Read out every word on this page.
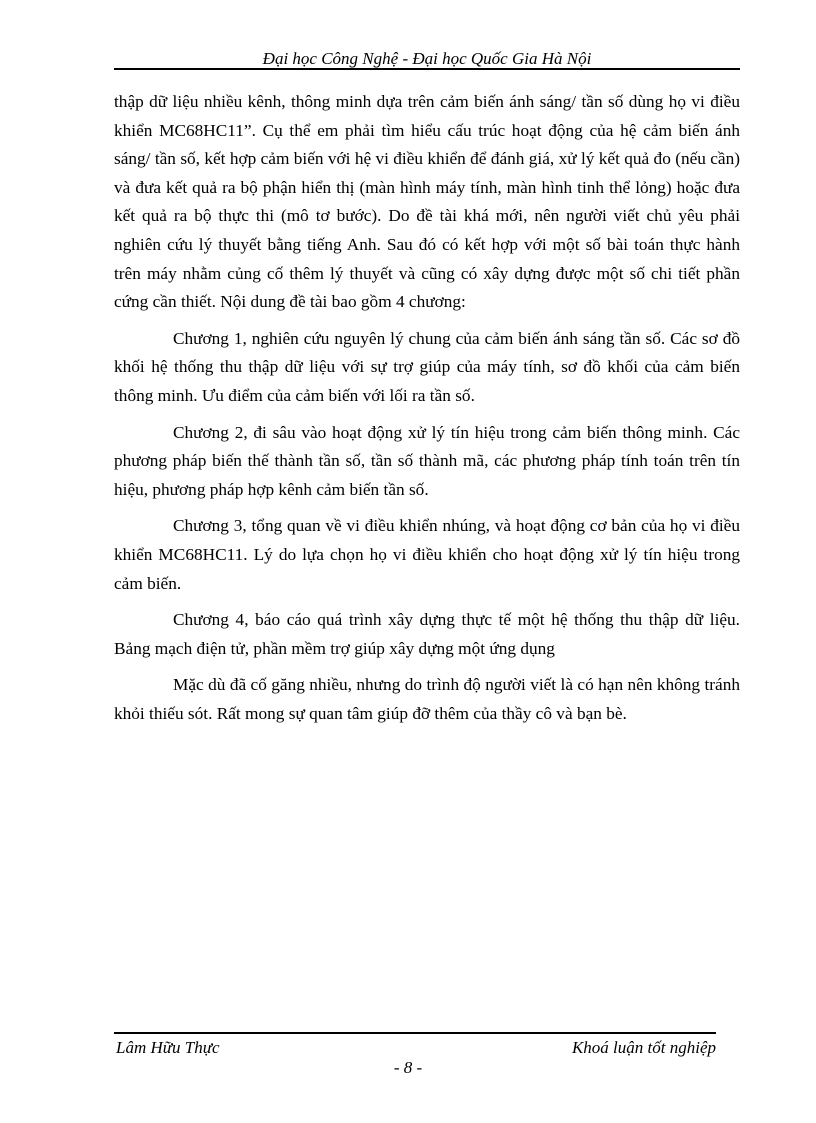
Đại học Công Nghệ - Đại học Quốc Gia Hà Nội

thập dữ liệu nhiều kênh, thông minh dựa trên cảm biến ánh sáng/ tần số dùng họ vi điều khiển MC68HC11”. Cụ thể em phải tìm hiểu cấu trúc hoạt động của hệ cảm biến ánh sáng/ tần số, kết hợp cảm biến với hệ vi điều khiển để đánh giá, xử lý kết quả đo (nếu cần) và đưa kết quả ra bộ phận hiển thị (màn hình máy tính, màn hình tinh thể lỏng) hoặc đưa kết quả ra bộ thực thi (mô tơ bước). Do đề tài khá mới, nên người viết chủ yêu phải nghiên cứu lý thuyết bằng tiếng Anh. Sau đó có kết hợp với một số bài toán thực hành trên máy nhằm củng cố thêm lý thuyết và cũng có xây dựng được một số chi tiết phần cứng cần thiết. Nội dung đề tài bao gồm 4 chương:

Chương 1, nghiên cứu nguyên lý chung của cảm biến ánh sáng tần số. Các sơ đồ khối hệ thống thu thập dữ liệu với sự trợ giúp của máy tính, sơ đồ khối của cảm biến thông minh. Ưu điểm của cảm biến với lối ra tần số.

Chương 2, đi sâu vào hoạt động xử lý tín hiệu trong cảm biến thông minh. Các phương pháp biến thế thành tần số, tần số thành mã, các phương pháp tính toán trên tín hiệu, phương pháp hợp kênh cảm biến tần số.

Chương 3, tổng quan về vi điều khiển nhúng, và hoạt động cơ bản của họ vi điều khiển MC68HC11. Lý do lựa chọn họ vi điều khiển cho hoạt động xử lý tín hiệu trong cảm biến.

Chương 4, báo cáo quá trình xây dựng thực tế một hệ thống thu thập dữ liệu. Bảng mạch điện tử, phần mềm trợ giúp xây dựng một ứng dụng

Mặc dù đã cố găng nhiều, nhưng do trình độ người viết là có hạn nên không tránh khỏi thiếu sót. Rất mong sự quan tâm giúp đỡ thêm của thầy cô và bạn bè.

Lâm Hữu Thực	Khoá luận tốt nghiệp
- 8 -
